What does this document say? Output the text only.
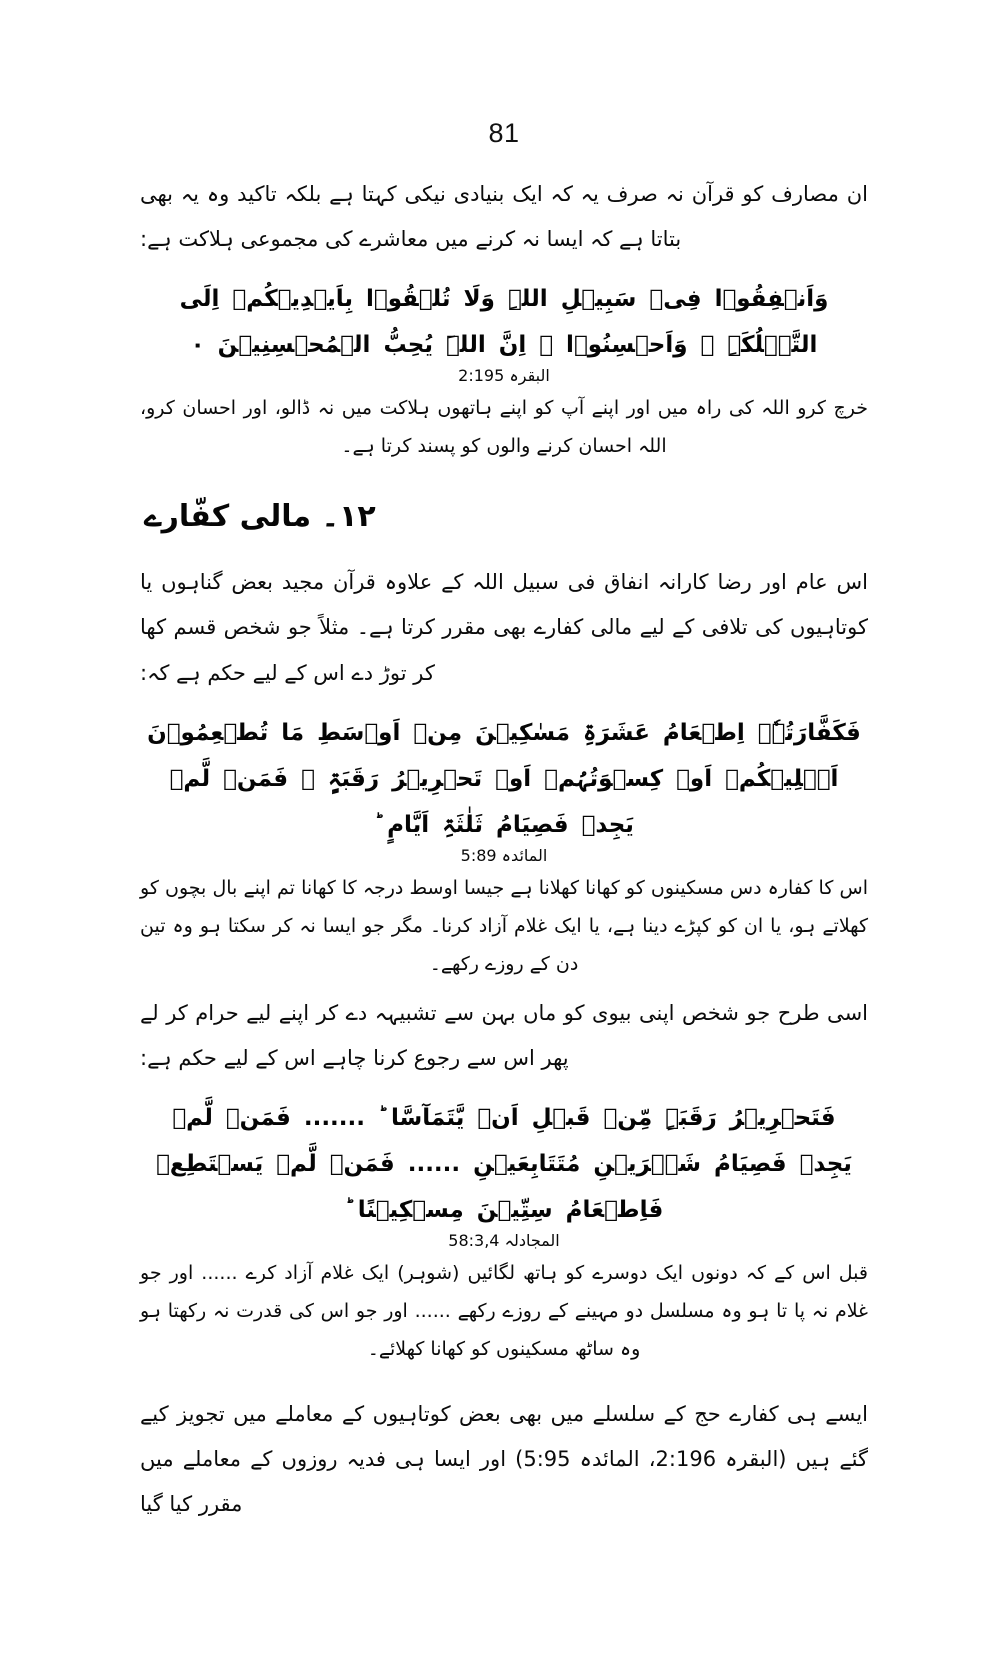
81

ان مصارف کو قرآن نہ صرف یہ کہ ایک بنیادی نیکی کہتا ہے بلکہ تاکید وہ یہ بھی بتاتا ہے کہ ایسا نہ کرنے میں معاشرے کی مجموعی ہلاکت ہے:

وَاَنۡفِقُوۡا فِیۡ سَبِیۡلِ اللہِ وَلَا تُلۡقُوۡا بِاَیۡدِیۡکُمۡ اِلَی التَّہۡلُکَۃِ ۚ وَاَحۡسِنُوۡا ۚ اِنَّ اللہَ یُحِبُّ الۡمُحۡسِنِیۡنَ ۰

البقرہ 2:195

خرچ کرو اللہ کی راہ میں اور اپنے آپ کو اپنے ہاتھوں ہلاکت میں نہ ڈالو، اور احسان کرو، اللہ احسان کرنے والوں کو پسند کرتا ہے۔

۱۲۔ مالی کفّارے

اس عام اور رضا کارانہ انفاق فی سبیل اللہ کے علاوہ قرآن مجید بعض گناہوں یا کوتاہیوں کی تلافی کے لیے مالی کفارے بھی مقرر کرتا ہے۔ مثلاً جو شخص قسم کھا کر توڑ دے اس کے لیے حکم ہے کہ:

فَکَفَّارَتُہٗۤ اِطۡعَامُ عَشَرَۃِ مَسٰکِیۡنَ مِنۡ اَوۡسَطِ مَا تُطۡعِمُوۡنَ اَہۡلِیۡکُمۡ اَوۡ کِسۡوَتُہُمۡ اَوۡ تَحۡرِیۡرُ رَقَبَۃٍ ۚ فَمَنۡ لَّمۡ یَجِدۡ فَصِیَامُ ثَلٰثَۃِ اَیَّامٍ ؕ

المائدہ 5:89

اس کا کفارہ دس مسکینوں کو کھانا کھلانا ہے جیسا اوسط درجہ کا کھانا تم اپنے بال بچوں کو کھلاتے ہو، یا ان کو کپڑے دینا ہے، یا ایک غلام آزاد کرنا۔ مگر جو ایسا نہ کر سکتا ہو وہ تین دن کے روزے رکھے۔

اسی طرح جو شخص اپنی بیوی کو ماں بہن سے تشبیہہ دے کر اپنے لیے حرام کر لے پھر اس سے رجوع کرنا چاہے اس کے لیے حکم ہے:

فَتَحۡرِیۡرُ رَقَبَۃٍ مِّنۡ قَبۡلِ اَنۡ یَّتَمَآسَّا ؕ ....... فَمَنۡ لَّمۡ یَجِدۡ فَصِیَامُ شَہۡرَیۡنِ مُتَتَابِعَیۡنِ ...... فَمَنۡ لَّمۡ یَسۡتَطِعۡ فَاِطۡعَامُ سِتِّیۡنَ مِسۡکِیۡنًا ؕ

المجادلہ 58:3,4

قبل اس کے کہ دونوں ایک دوسرے کو ہاتھ لگائیں (شوہر) ایک غلام آزاد کرے ...... اور جو غلام نہ پا تا ہو وہ مسلسل دو مہینے کے روزے رکھے ...... اور جو اس کی قدرت نہ رکھتا ہو وہ ساٹھ مسکینوں کو کھانا کھلائے۔

ایسے ہی کفارے حج کے سلسلے میں بھی بعض کوتاہیوں کے معاملے میں تجویز کیے گئے ہیں (البقرہ 2:196، المائدہ 5:95) اور ایسا ہی فدیہ روزوں کے معاملے میں مقرر کیا گیا
